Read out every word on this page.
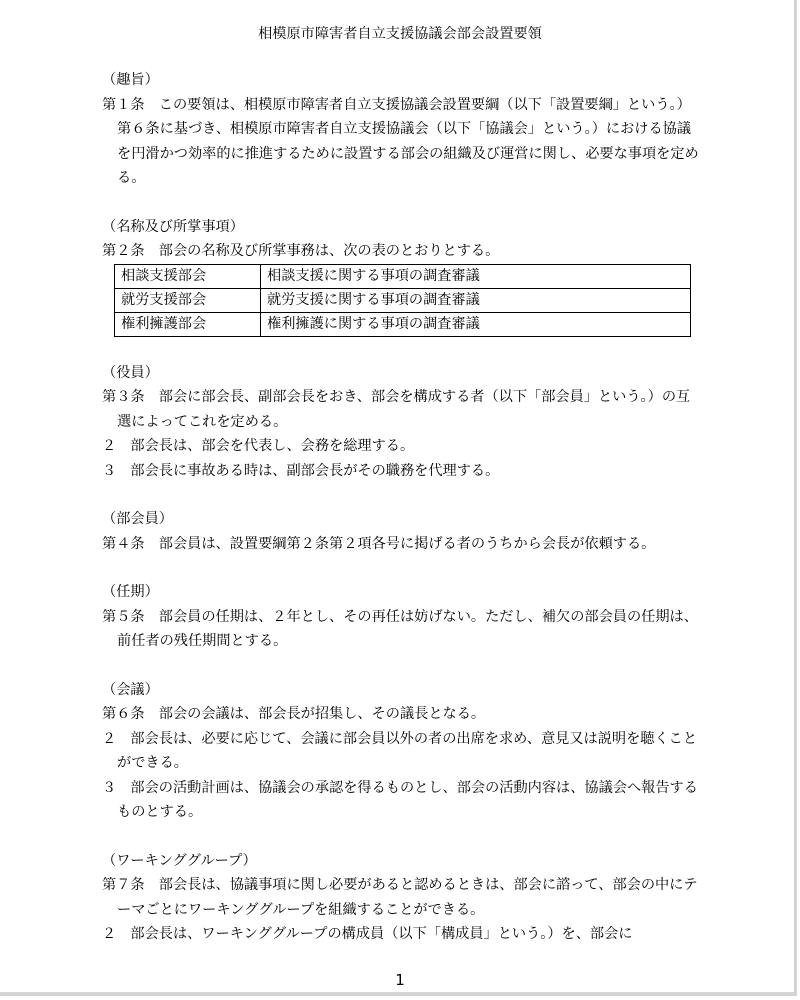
相模原市障害者自立支援協議会部会設置要領
（趣旨）
第１条　この要領は、相模原市障害者自立支援協議会設置要綱（以下「設置要綱」という。）第６条に基づき、相模原市障害者自立支援協議会（以下「協議会」という。）における協議を円滑かつ効率的に推進するために設置する部会の組織及び運営に関し、必要な事項を定める。
（名称及び所掌事項）
第２条　部会の名称及び所掌事務は、次の表のとおりとする。
相談支援部会	相談支援に関する事項の調査審議
就労支援部会	就労支援に関する事項の調査審議
権利擁護部会	権利擁護に関する事項の調査審議
（役員）
第３条　部会に部会長、副部会長をおき、部会を構成する者（以下「部会員」という。）の互選によってこれを定める。
２　部会長は、部会を代表し、会務を総理する。
３　部会長に事故ある時は、副部会長がその職務を代理する。
（部会員）
第４条　部会員は、設置要綱第２条第２項各号に掲げる者のうちから会長が依頼する。
（任期）
第５条　部会員の任期は、２年とし、その再任は妨げない。ただし、補欠の部会員の任期は、前任者の残任期間とする。
（会議）
第６条　部会の会議は、部会長が招集し、その議長となる。
２　部会長は、必要に応じて、会議に部会員以外の者の出席を求め、意見又は説明を聴くことができる。
３　部会の活動計画は、協議会の承認を得るものとし、部会の活動内容は、協議会へ報告するものとする。
（ワーキンググループ）
第７条　部会長は、協議事項に関し必要があると認めるときは、部会に諮って、部会の中にテーマごとにワーキンググループを組織することができる。
２　部会長は、ワーキンググループの構成員（以下「構成員」という。）を、部会に
1
